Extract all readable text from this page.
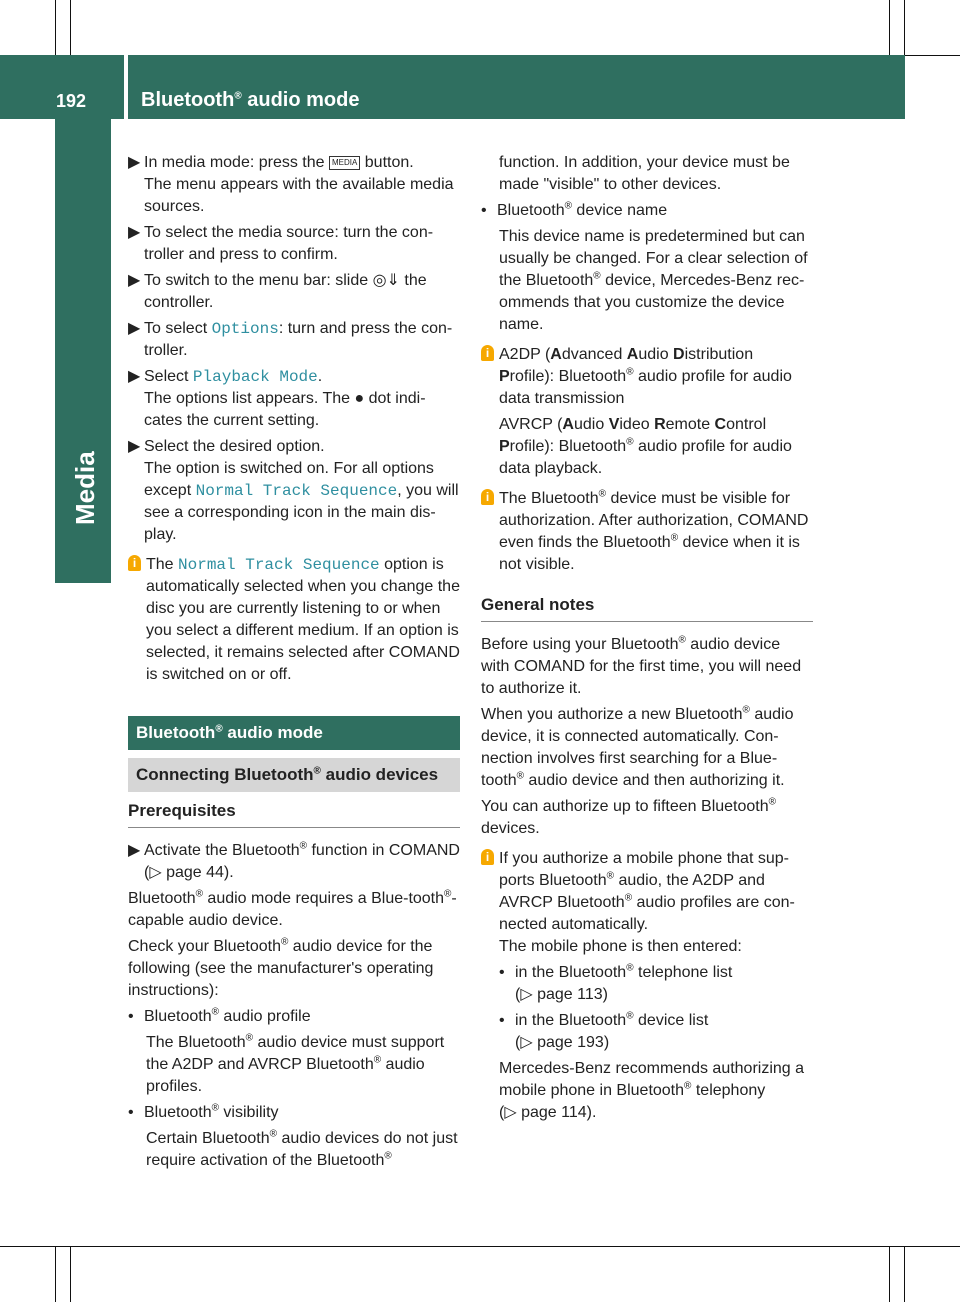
192	Bluetooth® audio mode
Media
▶ In media mode: press the MEDIA button.
The menu appears with the available media sources.
▶ To select the media source: turn the con-troller and press to confirm.
▶ To switch to the menu bar: slide ◎⇓ the controller.
▶ To select Options: turn and press the con-troller.
▶ Select Playback Mode.
The options list appears. The ● dot indi-cates the current setting.
▶ Select the desired option.
The option is switched on. For all options except Normal Track Sequence, you will see a corresponding icon in the main dis-play.
i The Normal Track Sequence option is automatically selected when you change the disc you are currently listening to or when you select a different medium. If an option is selected, it remains selected after COMAND is switched on or off.
Bluetooth® audio mode
Connecting Bluetooth® audio devices
Prerequisites
▶ Activate the Bluetooth® function in COMAND (▷ page 44).
Bluetooth® audio mode requires a Blue-tooth®-capable audio device.
Check your Bluetooth® audio device for the following (see the manufacturer's operating instructions):
• Bluetooth® audio profile
The Bluetooth® audio device must support the A2DP and AVRCP Bluetooth® audio profiles.
• Bluetooth® visibility
Certain Bluetooth® audio devices do not just require activation of the Bluetooth®
function. In addition, your device must be made "visible" to other devices.
• Bluetooth® device name
This device name is predetermined but can usually be changed. For a clear selection of the Bluetooth® device, Mercedes-Benz rec-ommends that you customize the device name.
i A2DP (Advanced Audio Distribution
Profile): Bluetooth® audio profile for audio data transmission
AVRCP (Audio Video Remote Control
Profile): Bluetooth® audio profile for audio data playback.
i The Bluetooth® device must be visible for authorization. After authorization, COMAND even finds the Bluetooth® device when it is not visible.
General notes
Before using your Bluetooth® audio device with COMAND for the first time, you will need to authorize it.
When you authorize a new Bluetooth® audio device, it is connected automatically. Con-nection involves first searching for a Blue-tooth® audio device and then authorizing it.
You can authorize up to fifteen Bluetooth® devices.
i If you authorize a mobile phone that sup-ports Bluetooth® audio, the A2DP and AVRCP Bluetooth® audio profiles are con-nected automatically.
The mobile phone is then entered:
• in the Bluetooth® telephone list
(▷ page 113)
• in the Bluetooth® device list
(▷ page 193)
Mercedes-Benz recommends authorizing a mobile phone in Bluetooth® telephony
(▷ page 114).
